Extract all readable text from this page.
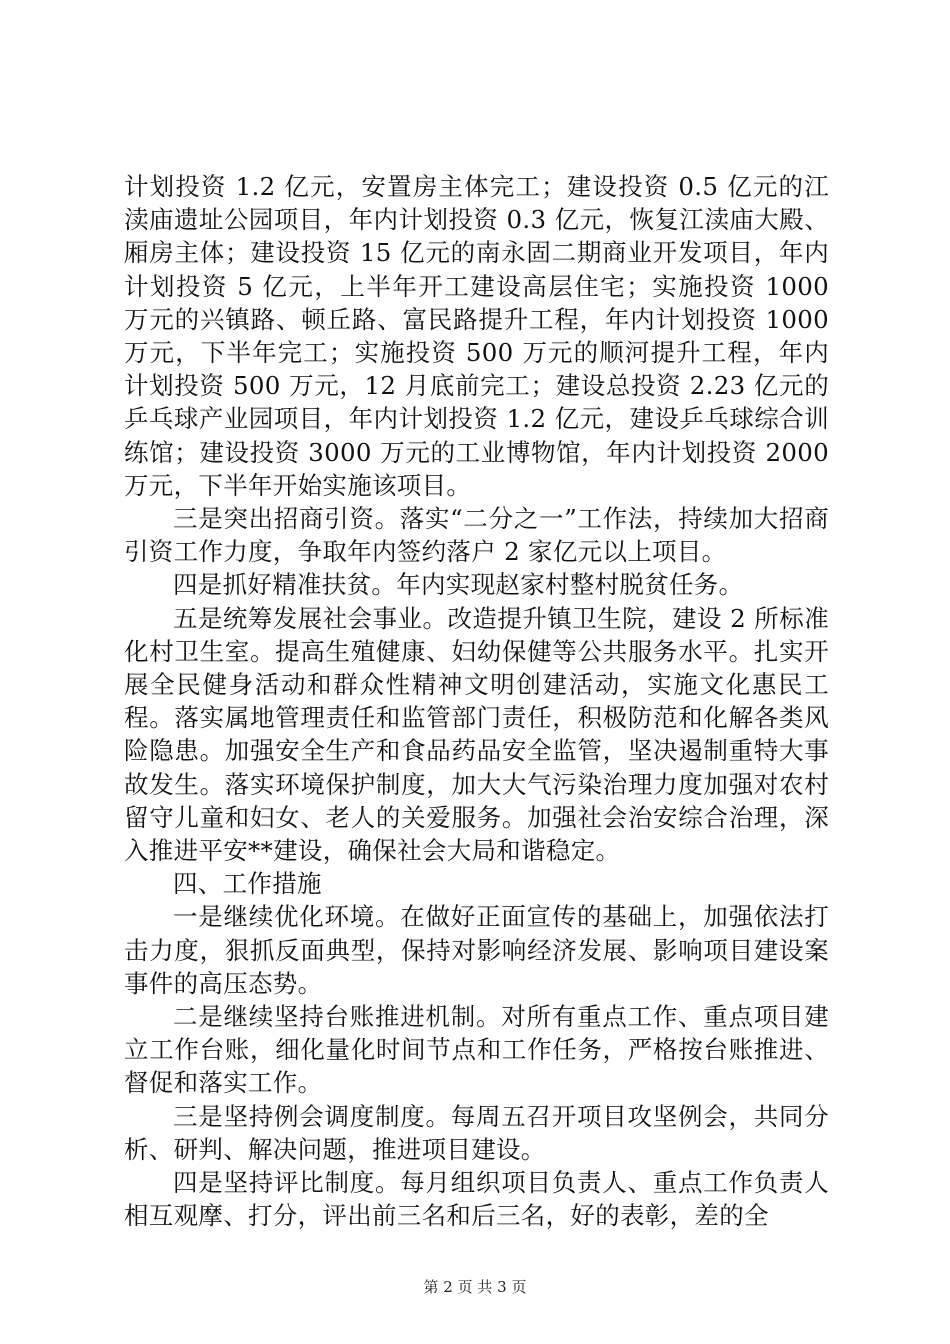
计划投资 1.2 亿元，安置房主体完工；建设投资 0.5 亿元的江渎庙遗址公园项目，年内计划投资 0.3 亿元，恢复江渎庙大殿、厢房主体；建设投资 15 亿元的南永固二期商业开发项目，年内计划投资 5 亿元，上半年开工建设高层住宅；实施投资 1000 万元的兴镇路、顿丘路、富民路提升工程，年内计划投资 1000 万元，下半年完工；实施投资 500 万元的顺河提升工程，年内计划投资 500 万元，12 月底前完工；建设总投资 2.23 亿元的乒乓球产业园项目，年内计划投资 1.2 亿元，建设乒乓球综合训练馆；建设投资 3000 万元的工业博物馆，年内计划投资 2000 万元，下半年开始实施该项目。

三是突出招商引资。落实“二分之一”工作法，持续加大招商引资工作力度，争取年内签约落户 2 家亿元以上项目。

四是抓好精准扶贫。年内实现赵家村整村脱贫任务。

五是统筹发展社会事业。改造提升镇卫生院，建设 2 所标准化村卫生室。提高生殖健康、妇幼保健等公共服务水平。扎实开展全民健身活动和群众性精神文明创建活动，实施文化惠民工程。落实属地管理责任和监管部门责任，积极防范和化解各类风险隐患。加强安全生产和食品药品安全监管，坚决遏制重特大事故发生。落实环境保护制度，加大大气污染治理力度加强对农村留守儿童和妇女、老人的关爱服务。加强社会治安综合治理，深入推进平安**建设，确保社会大局和谐稳定。

四、工作措施

一是继续优化环境。在做好正面宣传的基础上，加强依法打击力度，狠抓反面典型，保持对影响经济发展、影响项目建设案事件的高压态势。

二是继续坚持台账推进机制。对所有重点工作、重点项目建立工作台账，细化量化时间节点和工作任务，严格按台账推进、督促和落实工作。

三是坚持例会调度制度。每周五召开项目攻坚例会，共同分析、研判、解决问题，推进项目建设。

四是坚持评比制度。每月组织项目负责人、重点工作负责人相互观摩、打分，评出前三名和后三名，好的表彰，差的全

第 2 页 共 3 页
